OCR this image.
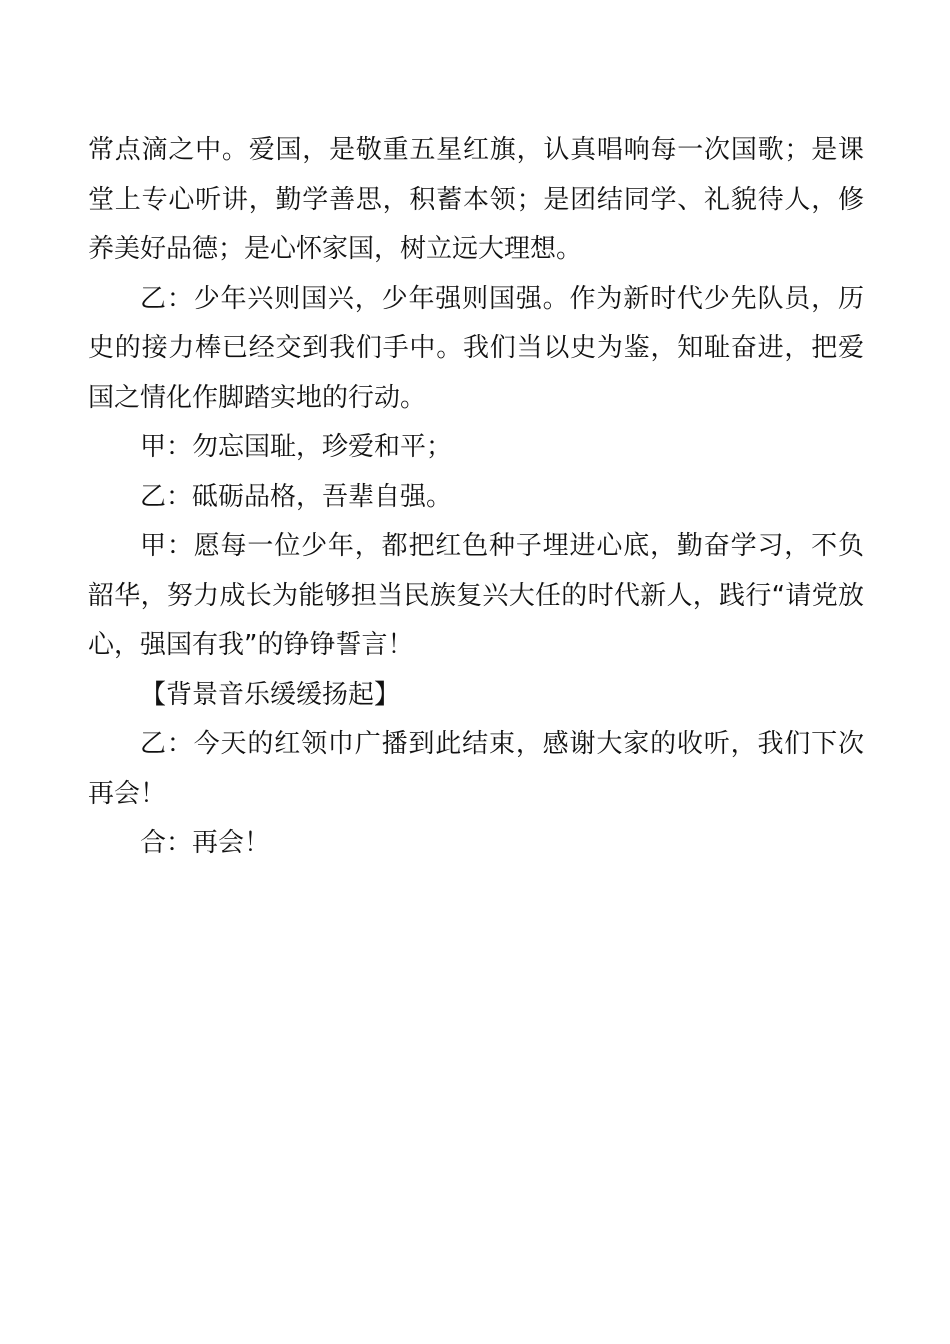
常点滴之中。爱国，是敬重五星红旗，认真唱响每一次国歌；是课堂上专心听讲，勤学善思，积蓄本领；是团结同学、礼貌待人，修养美好品德；是心怀家国，树立远大理想。

乙：少年兴则国兴，少年强则国强。作为新时代少先队员，历史的接力棒已经交到我们手中。我们当以史为鉴，知耻奋进，把爱国之情化作脚踏实地的行动。

甲：勿忘国耻，珍爱和平；

乙：砥砺品格，吾辈自强。

甲：愿每一位少年，都把红色种子埋进心底，勤奋学习，不负韶华，努力成长为能够担当民族复兴大任的时代新人，践行“请党放心，强国有我”的铮铮誓言！

【背景音乐缓缓扬起】

乙：今天的红领巾广播到此结束，感谢大家的收听，我们下次再会！

合：再会！
